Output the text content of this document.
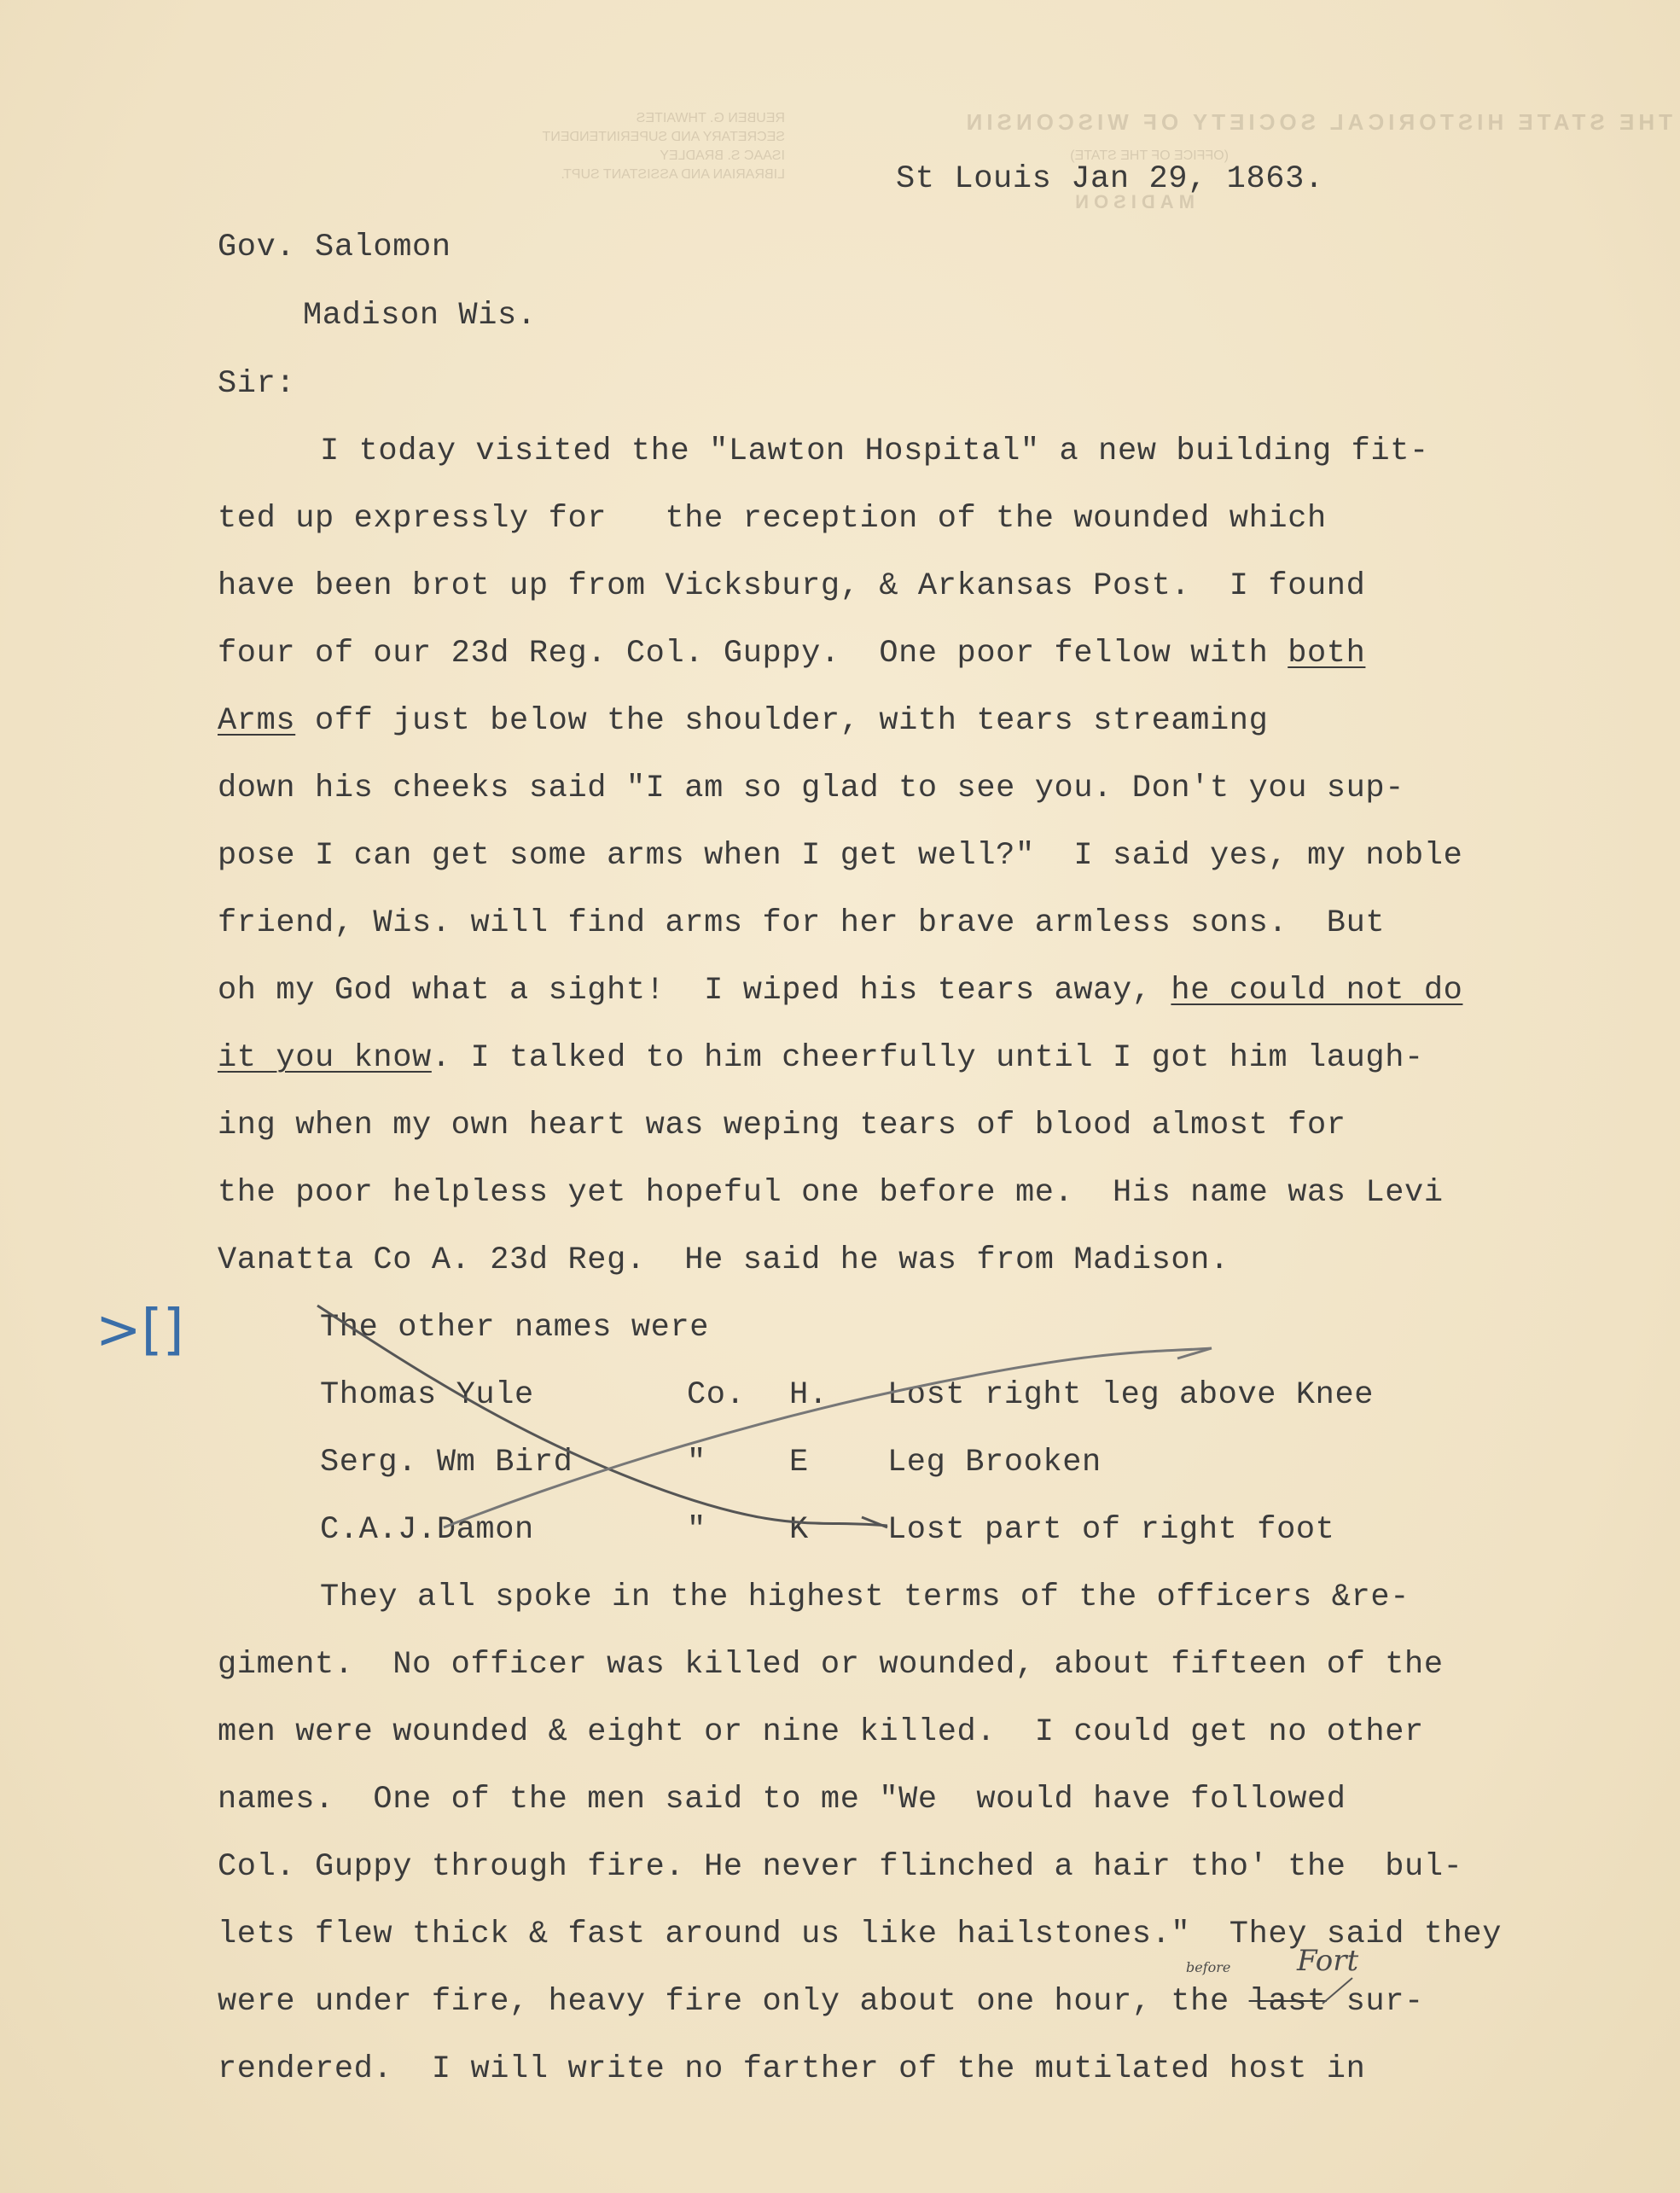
THE STATE HISTORICAL SOCIETY OF WISCONSIN
(OFFICE OF THE STATE)
MADISON
REUBEN G. THWAITES
SECRETARY AND SUPERINTENDENT
ISAAC S. BRADLEY
LIBRARIAN AND ASSISTANT SUPT.	St Louis Jan 29, 1863.
Gov. Salomon
Madison Wis.
Sir:
I today visited the "Lawton Hospital" a new building fit-
ted up expressly for   the reception of the wounded which
have been brot up from Vicksburg, & Arkansas Post.  I found
four of our 23d Reg. Col. Guppy.  One poor fellow with both
Arms off just below the shoulder, with tears streaming
down his cheeks said "I am so glad to see you. Don't you sup-
pose I can get some arms when I get well?"  I said yes, my noble
friend, Wis. will find arms for her brave armless sons.  But
oh my God what a sight!  I wiped his tears away, he could not do
it you know. I talked to him cheerfully until I got him laugh-
ing when my own heart was weping tears of blood almost for
the poor helpless yet hopeful one before me.  His name was Levi
Vanatta Co A. 23d Reg.  He said he was from Madison.
>[]	The other names were
Thomas Yule	Co. H. Lost right leg above Knee
Serg. Wm Bird	"	E Leg Brooken
C.A.J.Damon	"	K Lost part of right foot
They all spoke in the highest terms of the officers &re-
giment.  No officer was killed or wounded, about fifteen of the
men were wounded & eight or nine killed.  I could get no other
names.  One of the men said to me "We  would have followed
Col. Guppy through fire. He never flinched a hair tho' the  bul-
lets flew thick & fast around us like hailstones."  They said they
were under fire, heavy fire only about one hour, the last sur-
rendered.  I will write no farther of the mutilated host in
Fort
before
